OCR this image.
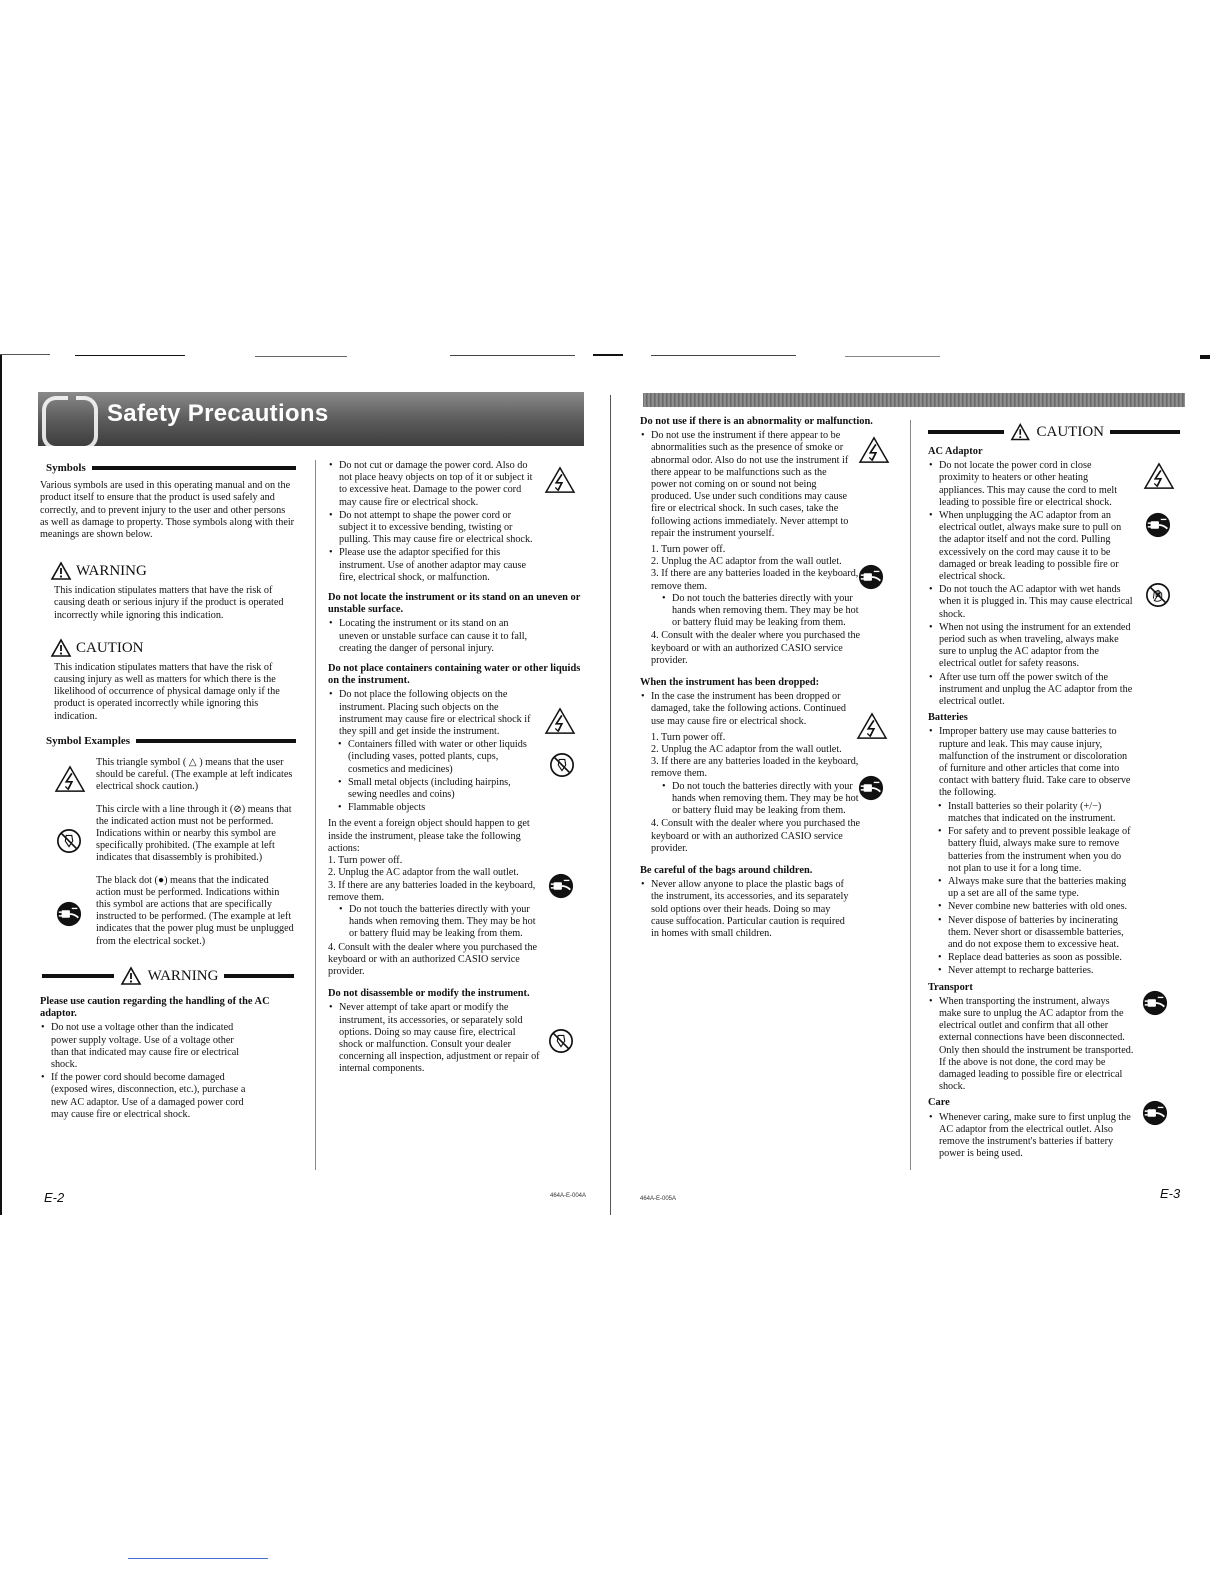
Safety Precautions
Symbols

Various symbols are used in this operating manual and on the product itself to ensure that the product is used safely and correctly, and to prevent injury to the user and other persons as well as damage to property. Those symbols along with their meanings are shown below.

WARNING

This indication stipulates matters that have the risk of causing death or serious injury if the product is operated incorrectly while ignoring this indication.

CAUTION

This indication stipulates matters that have the risk of causing injury as well as matters for which there is the likelihood of occurrence of physical damage only if the product is operated incorrectly while ignoring this indication.

Symbol Examples

This triangle symbol ( △ ) means that the user should be careful. (The example at left indicates electrical shock caution.)

This circle with a line through it (⊘) means that the indicated action must not be performed. Indications within or nearby this symbol are specifically prohibited. (The example at left indicates that disassembly is prohibited.)

The black dot (●) means that the indicated action must be performed. Indications within this symbol are actions that are specifically instructed to be performed. (The example at left indicates that the power plug must be unplugged from the electrical socket.)

WARNING
Please use caution regarding the handling of the AC adaptor.
• Do not use a voltage other than the indicated power supply voltage. Use of a voltage other than that indicated may cause fire or electrical shock.
• If the power cord should become damaged (exposed wires, disconnection, etc.), purchase a new AC adaptor. Use of a damaged power cord may cause fire or electrical shock.
• Do not cut or damage the power cord. Also do not place heavy objects on top of it or subject it to excessive heat. Damage to the power cord may cause fire or electrical shock.
• Do not attempt to shape the power cord or subject it to excessive bending, twisting or pulling. This may cause fire or electrical shock.
• Please use the adaptor specified for this instrument. Use of another adaptor may cause fire, electrical shock, or malfunction.
Do not locate the instrument or its stand on an uneven or unstable surface.
• Locating the instrument or its stand on an uneven or unstable surface can cause it to fall, creating the danger of personal injury.
Do not place containers containing water or other liquids on the instrument.
• Do not place the following objects on the instrument. Placing such objects on the instrument may cause fire or electrical shock if they spill and get inside the instrument.
• Containers filled with water or other liquids (including vases, potted plants, cups, cosmetics and medicines)
• Small metal objects (including hairpins, sewing needles and coins)
• Flammable objects

In the event a foreign object should happen to get inside the instrument, please take the following actions:

1. Turn power off.
2. Unplug the AC adaptor from the wall outlet.
3. If there are any batteries loaded in the keyboard, remove them.
• Do not touch the batteries directly with your hands when removing them. They may be hot or battery fluid may be leaking from them.
4. Consult with the dealer where you purchased the keyboard or with an authorized CASIO service provider.
Do not disassemble or modify the instrument.
• Never attempt of take apart or modify the instrument, its accessories, or separately sold options. Doing so may cause fire, electrical shock or malfunction. Consult your dealer concerning all inspection, adjustment or repair of internal components.
Do not use if there is an abnormality or malfunction.
• Do not use the instrument if there appear to be abnormalities such as the presence of smoke or abnormal odor. Also do not use the instrument if there appear to be malfunctions such as the power not coming on or sound not being produced. Use under such conditions may cause fire or electrical shock. In such cases, take the following actions immediately. Never attempt to repair the instrument yourself.
1. Turn power off.
2. Unplug the AC adaptor from the wall outlet.
3. If there are any batteries loaded in the keyboard, remove them.
• Do not touch the batteries directly with your hands when removing them. They may be hot or battery fluid may be leaking from them.
4. Consult with the dealer where you purchased the keyboard or with an authorized CASIO service provider.
When the instrument has been dropped:
• In the case the instrument has been dropped or damaged, take the following actions. Continued use may cause fire or electrical shock.
1. Turn power off.
2. Unplug the AC adaptor from the wall outlet.
3. If there are any batteries loaded in the keyboard, remove them.
• Do not touch the batteries directly with your hands when removing them. They may be hot or battery fluid may be leaking from them.
4. Consult with the dealer where you purchased the keyboard or with an authorized CASIO service provider.
Be careful of the bags around children.
• Never allow anyone to place the plastic bags of the instrument, its accessories, and its separately sold options over their heads. Doing so may cause suffocation. Particular caution is required in homes with small children.
CAUTION
AC Adaptor
• Do not locate the power cord in close proximity to heaters or other heating appliances. This may cause the cord to melt leading to possible fire or electrical shock.
• When unplugging the AC adaptor from an electrical outlet, always make sure to pull on the adaptor itself and not the cord. Pulling excessively on the cord may cause it to be damaged or break leading to possible fire or electrical shock.
• Do not touch the AC adaptor with wet hands when it is plugged in. This may cause electrical shock.
• When not using the instrument for an extended period such as when traveling, always make sure to unplug the AC adaptor from the electrical outlet for safety reasons.
• After use turn off the power switch of the instrument and unplug the AC adaptor from the electrical outlet.
Batteries
• Improper battery use may cause batteries to rupture and leak. This may cause injury, malfunction of the instrument or discoloration of furniture and other articles that come into contact with battery fluid. Take care to observe the following.
• Install batteries so their polarity (+/−) matches that indicated on the instrument.
• For safety and to prevent possible leakage of battery fluid, always make sure to remove batteries from the instrument when you do not plan to use it for a long time.
• Always make sure that the batteries making up a set are all of the same type.
• Never combine new batteries with old ones.
• Never dispose of batteries by incinerating them. Never short or disassemble batteries, and do not expose them to excessive heat.
• Replace dead batteries as soon as possible.
• Never attempt to recharge batteries.
Transport
• When transporting the instrument, always make sure to unplug the AC adaptor from the electrical outlet and confirm that all other external connections have been disconnected. Only then should the instrument be transported. If the above is not done, the cord may be damaged leading to possible fire or electrical shock.
Care
• Whenever caring, make sure to first unplug the AC adaptor from the electrical outlet. Also remove the instrument's batteries if battery power is being used.
E-2	464A-E-004A	464A-E-005A	E-3
